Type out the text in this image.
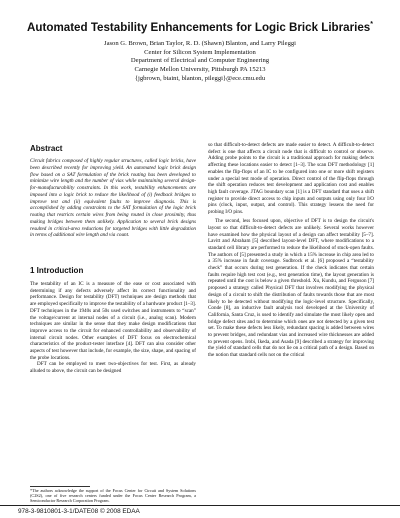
Automated Testability Enhancements for Logic Brick Libraries*
Jason G. Brown, Brian Taylor, R. D. (Shawn) Blanton, and Larry Pileggi
Center for Silicon System Implementation
Department of Electrical and Computer Engineering
Carnegie Mellon University, Pittsburgh PA 15213
{jgbrown, btaint, blanton, pileggi}@ece.cmu.edu
Abstract

Circuit fabrics composed of highly regular structures, called logic bricks, have been described recently for improving yield. An automated logic brick design flow based on a SAT formulation of the brick routing has been developed to minimize wire length and the number of vias while maintaining several design-for-manufacturability constraints. In this work, testability enhancements are imposed into a logic brick to reduce the likelihood of (i) feedback bridges to improve test and (ii) equivalent faults to improve diagnosis. This is accomplished by adding constraints to the SAT formulation of the logic brick routing that restricts certain wires from being routed in close proximity, thus making bridges between them unlikely. Application to several brick designs resulted in critical-area reductions for targeted bridges with little degradation in terms of additional wire length and via count.

1 Introduction

The testability of an IC is a measure of the ease or cost associated with determining if any defects adversely affect its correct functionality and performance. Design for testability (DFT) techniques are design methods that are employed specifically to improve the testability of a hardware product [1–3]. DFT techniques in the 1940s and 50s used switches and instruments to “scan” the voltage/current at internal nodes of a circuit (i.e., analog scan). Modern techniques are similar in the sense that they make design modifications that improve access to the circuit for enhanced controllability and observability of internal circuit nodes. Other examples of DFT focus on electrochemical characteristics of the product-tester interface [4]. DFT can also consider other aspects of test however that include, for example, the size, shape, and spacing of the probe locations.

DFT can be employed to meet two-objectives for test. First, as already alluded to above, the circuit can be designed

*The authors acknowledge the support of the Focus Center for Circuit and System Solutions (C2S2), one of five research centers funded under the Focus Center Research Program, a Semiconductor Research Corporation Program.

so that difficult-to-detect defects are made easier to detect. A difficult-to-detect defect is one that affects a circuit node that is difficult to control or observe. Adding probe points to the circuit is a traditional approach for making defects affecting these locations easier to detect [1–3]. The scan DFT methodology [1] enables the flip-flops of an IC to be configured into one or more shift registers under a special test mode of operation. Direct control of the flip-flops through the shift operation reduces test development and application cost and enables high fault coverage. JTAG boundary scan [1] is a DFT standard that uses a shift register to provide direct access to chip inputs and outputs using only four I/O pins (clock, input, output, and control). This strategy lessens the need for probing I/O pins.

The second, less focused upon, objective of DFT is to design the circuit's layout so that difficult-to-detect defects are unlikely. Several works however have examined how the physical layout of a design can affect testability [5–7]. Lavitt and Abraham [5] described layout-level DFT, where modifications to a standard cell library are performed to reduce the likelihood of stuck-open faults. The authors of [5] presented a study in which a 15% increase in chip area led to a 35% increase in fault coverage. Sudbrock et al. [6] proposed a “testability check” that occurs during test generation. If the check indicates that certain faults require high test cost (e.g., test generation time), the layout generation is repeated until the cost is below a given threshold. Xu, Kundu, and Ferguson [7] proposed a strategy called Physical DFT that involves modifying the physical design of a circuit to shift the distribution of faults towards those that are most likely to be detected without modifying the logic-level structure. Specifically, Conde [8], an inductive fault analysis tool developed at the University of California, Santa Cruz, is used to identify and simulate the most likely open and bridge defect sites and to determine which ones are not detected by a given test set. To make these defects less likely, redundant spacing is added between wires to prevent bridges, and redundant vias and increased wire thicknesses are added to prevent opens. Irobi, Ikeda, and Asada [9] described a strategy for improving the yield of standard cells that do not lie on a critical path of a design. Based on the notion that standard cells not on the critical

978-3-9810801-3-1/DATE08 © 2008 EDAA
